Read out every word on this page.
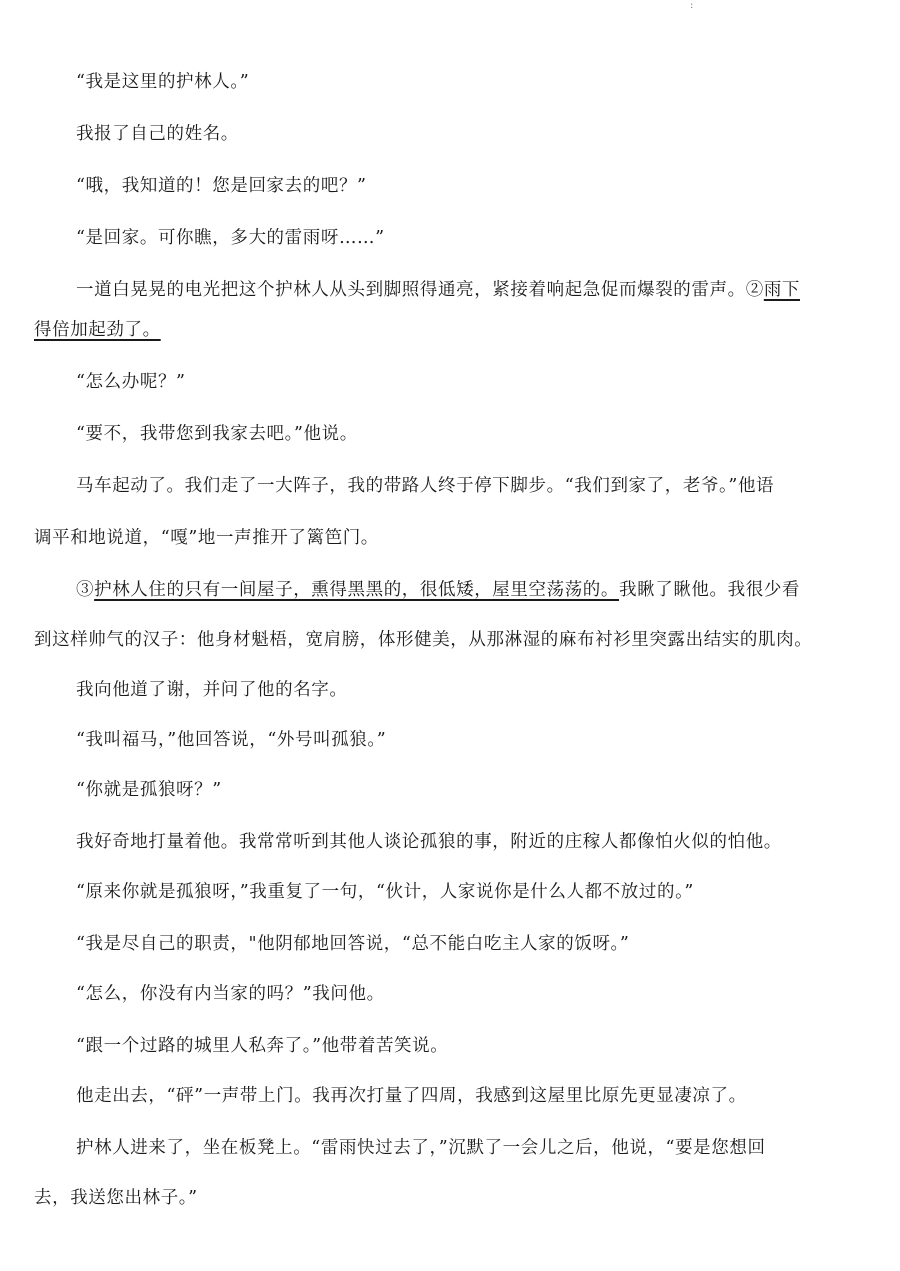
:

“我是这里的护林人。”

我报了自己的姓名。

“哦，我知道的！您是回家去的吧？”

“是回家。可你瞧，多大的雷雨呀……”

一道白晃晃的电光把这个护林人从头到脚照得通亮，紧接着响起急促而爆裂的雷声。②雨下

得倍加起劲了。

“怎么办呢？”

“要不，我带您到我家去吧。”他说。

马车起动了。我们走了一大阵子，我的带路人终于停下脚步。“我们到家了，老爷。”他语

调平和地说道，“嘎”地一声推开了篱笆门。

③护林人住的只有一间屋子，熏得黑黑的，很低矮，屋里空荡荡的。我瞅了瞅他。我很少看

到这样帅气的汉子：他身材魁梧，宽肩膀，体形健美，从那淋湿的麻布衬衫里突露出结实的肌肉。

我向他道了谢，并问了他的名字。

“我叫福马，”他回答说，“外号叫孤狼。”

“你就是孤狼呀？”

我好奇地打量着他。我常常听到其他人谈论孤狼的事，附近的庄稼人都像怕火似的怕他。

“原来你就是孤狼呀，”我重复了一句，“伙计，人家说你是什么人都不放过的。”

“我是尽自己的职责，"他阴郁地回答说，“总不能白吃主人家的饭呀。”

“怎么，你没有内当家的吗？”我问他。

“跟一个过路的城里人私奔了。”他带着苦笑说。

他走出去，“砰”一声带上门。我再次打量了四周，我感到这屋里比原先更显凄凉了。

护林人进来了，坐在板凳上。“雷雨快过去了，”沉默了一会儿之后，他说，“要是您想回

去，我送您出林子。”
